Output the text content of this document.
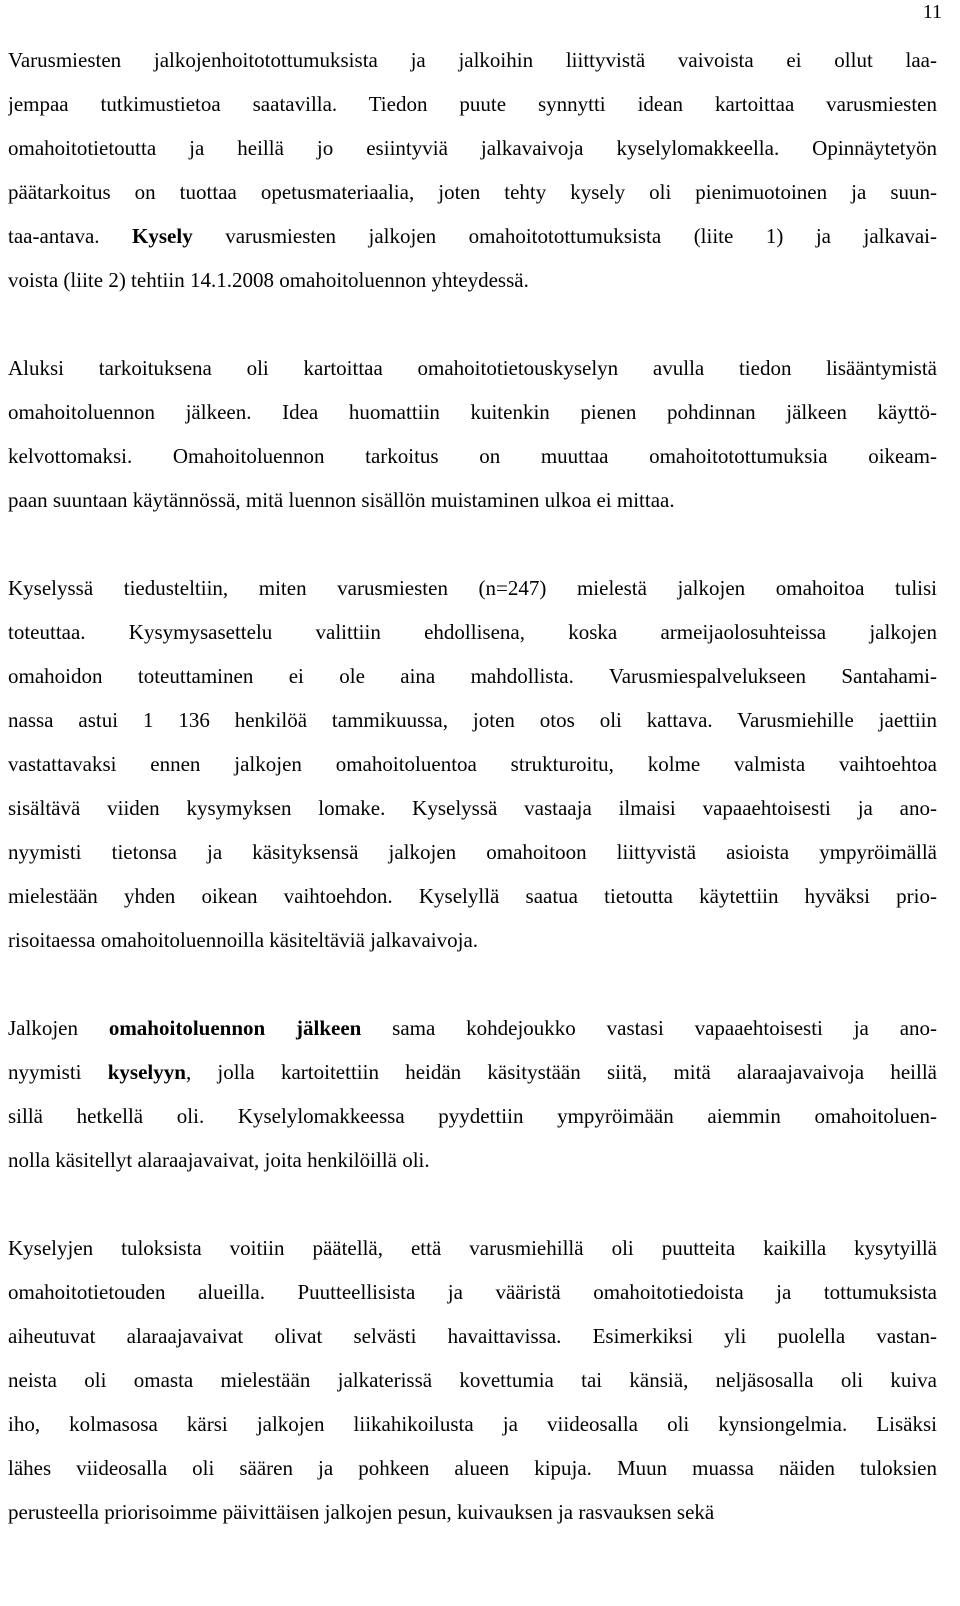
11
Varusmiesten jalkojenhoitotottumuksista ja jalkoihin liittyvistä vaivoista ei ollut laa-
jempaa tutkimustietoa saatavilla. Tiedon puute synnytti idean kartoittaa varusmiesten
omahoitotietoutta ja heillä jo esiintyviä jalkavaivoja kyselylomakkeella. Opinnäytetyön
päätarkoitus on tuottaa opetusmateriaalia, joten tehty kysely oli pienimuotoinen ja suun-
taa-antava. Kysely varusmiesten jalkojen omahoitotottumuksista (liite 1) ja jalkavai-
voista (liite 2) tehtiin 14.1.2008 omahoitoluennon yhteydessä.
Aluksi tarkoituksena oli kartoittaa omahoitotietouskyselyn avulla tiedon lisääntymistä
omahoitoluennon jälkeen. Idea huomattiin kuitenkin pienen pohdinnan jälkeen käyttö-
kelvottomaksi. Omahoitoluennon tarkoitus on muuttaa omahoitotottumuksia oikeam-
paan suuntaan käytännössä, mitä luennon sisällön muistaminen ulkoa ei mittaa.
Kyselyssä tiedusteltiin, miten varusmiesten (n=247) mielestä jalkojen omahoitoa tulisi
toteuttaa. Kysymysasettelu valittiin ehdollisena, koska armeijaolosuhteissa jalkojen
omahoidon toteuttaminen ei ole aina mahdollista. Varusmiespalvelukseen Santahami-
nassa astui 1 136 henkilöä tammikuussa, joten otos oli kattava. Varusmiehille jaettiin
vastattavaksi ennen jalkojen omahoitoluentoa strukturoitu, kolme valmista vaihtoehtoa
sisältävä viiden kysymyksen lomake. Kyselyssä vastaaja ilmaisi vapaaehtoisesti ja ano-
nyymisti tietonsa ja käsityksensä jalkojen omahoitoon liittyvistä asioista ympyröimällä
mielestään yhden oikean vaihtoehdon. Kyselyllä saatua tietoutta käytettiin hyväksi prio-
risoitaessa omahoitoluennoilla käsiteltäviä jalkavaivoja.
Jalkojen omahoitoluennon jälkeen sama kohdejoukko vastasi vapaaehtoisesti ja ano-
nyymisti kyselyyn, jolla kartoitettiin heidän käsitystään siitä, mitä alaraajavaivoja heillä
sillä hetkellä oli. Kyselylomakkeessa pyydettiin ympyröimään aiemmin omahoitoluen-
nolla käsitellyt alaraajavaivat, joita henkilöillä oli.
Kyselyjen tuloksista voitiin päätellä, että varusmiehillä oli puutteita kaikilla kysytyillä
omahoitotietouden alueilla. Puutteellisista ja vääristä omahoitotiedoista ja tottumuksista
aiheutuvat alaraajavaivat olivat selvästi havaittavissa. Esimerkiksi yli puolella vastan-
neista oli omasta mielestään jalkaterissä kovettumia tai känsiä, neljäsosalla oli kuiva
iho, kolmasosa kärsi jalkojen liikahikoilusta ja viideosalla oli kynsiongelmia. Lisäksi
lähes viideosalla oli säären ja pohkeen alueen kipuja. Muun muassa näiden tuloksien
perusteella priorisoimme päivittäisen jalkojen pesun, kuivauksen ja rasvauksen sekä
